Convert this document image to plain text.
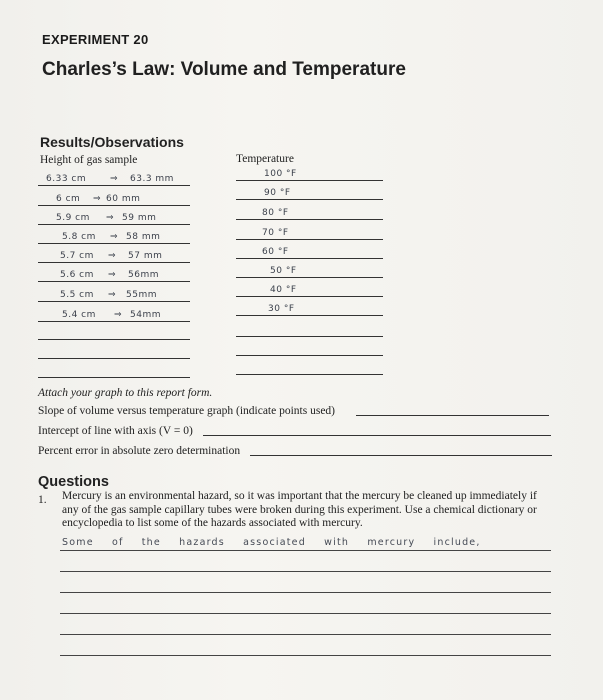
EXPERIMENT 20
Charles’s Law: Volume and Temperature
Results/Observations
Height of gas sample	Temperature
6.33 cm	⇒ 63.3 mm
6 cm ⇒ 60 mm
5.9 cm ⇒ 59 mm
5.8 cm ⇒ 58 mm
5.7 cm ⇒ 57 mm
5.6 cm ⇒ 56mm
5.5 cm ⇒ 55mm
5.4 cm ⇒ 54mm
100 °F
90 °F
80 °F
70 °F
60 °F
50 °F
40 °F
30 °F
Attach your graph to this report form.
Slope of volume versus temperature graph (indicate points used)
Intercept of line with axis (V = 0)
Percent error in absolute zero determination
Questions
1. Mercury is an environmental hazard, so it was important that the mercury be cleaned up immediately if any of the gas sample capillary tubes were broken during this experiment. Use a chemical dictionary or encyclopedia to list some of the hazards associated with mercury.
Some of the hazards associated with mercury include,
